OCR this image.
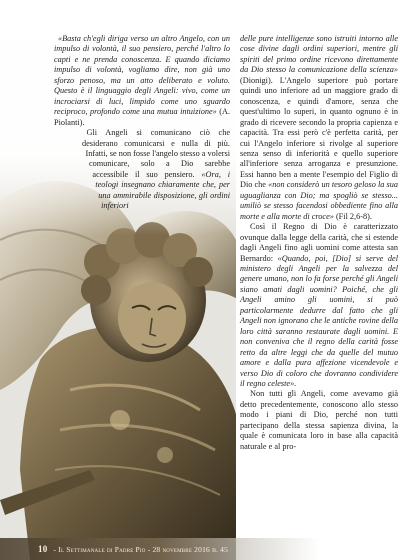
«Basta ch'egli diriga verso un altro Angelo, con un impulso di volontà, il suo pensiero, perché l'altro lo capti e ne prenda conoscenza. E quando diciamo impulso di volontà, vogliamo dire, non già uno sforzo penoso, ma un atto deliberato e voluto. Questo è il linguaggio degli Angeli: vivo, come un incrociarsi di luci, limpido come uno sguardo reciproco, profondo come una mutua intuizione» (A. Piolanti).

Gli Angeli si comunicano ciò che desiderano comunicarsi e nulla di più. Infatti, se non fosse l'angelo stesso a volersi comunicare, solo a Dio sarebbe accessibile il suo pensiero. «Ora, i teologi insegnano chiaramente che, per una ammirabile disposizione, gli ordini inferiori

delle pure intelligenze sono istruiti intorno alle cose divine dagli ordini superiori, mentre gli spiriti del primo ordine ricevono direttamente da Dio stesso la comunicazione della scienza» (Dionigi). L'Angelo superiore può portare quindi uno inferiore ad un maggiore grado di conoscenza, e quindi d'amore, senza che quest'ultimo lo superi, in quanto ognuno è in grado di ricevere secondo la propria capienza e capacità. Tra essi però c'è perfetta carità, per cui l'Angelo inferiore si rivolge al superiore senza senso di inferiorità e quello superiore all'inferiore senza arroganza e presunzione. Essi hanno ben a mente l'esempio del Figlio di Dio che «non considerò un tesoro geloso la sua uguaglianza con Dio; ma spogliò se stesso... umiliò se stesso facendosi obbediente fino alla morte e alla morte di croce» (Fil 2,6-8).

Così il Regno di Dio è caratterizzato ovunque dalla legge della carità, che si estende dagli Angeli fino agli uomini come attesta san Bernardo: «Quando, poi, [Dio] si serve del ministero degli Angeli per la salvezza del genere umano, non lo fa forse perché gli Angeli siano amati dagli uomini? Poiché, che gli Angeli amino gli uomini, si può particolarmente dedurre dal fatto che gli Angeli non ignorano che le antiche rovine della loro città saranno restaurate dagli uomini. E non conveniva che il regno della carità fosse retto da altre leggi che da quelle del mutuo amore e dalla pura affezione vicendevole e verso Dio di coloro che dovranno condividere il regno celeste».

Non tutti gli Angeli, come avevamo già detto precedentemente, conoscono allo stesso modo i piani di Dio, perché non tutti partecipano della stessa sapienza divina, la quale è comunicata loro in base alla capacità naturale e al pro-

10 - Il Settimanale di Padre Pio - 28 novembre 2016 n. 45
